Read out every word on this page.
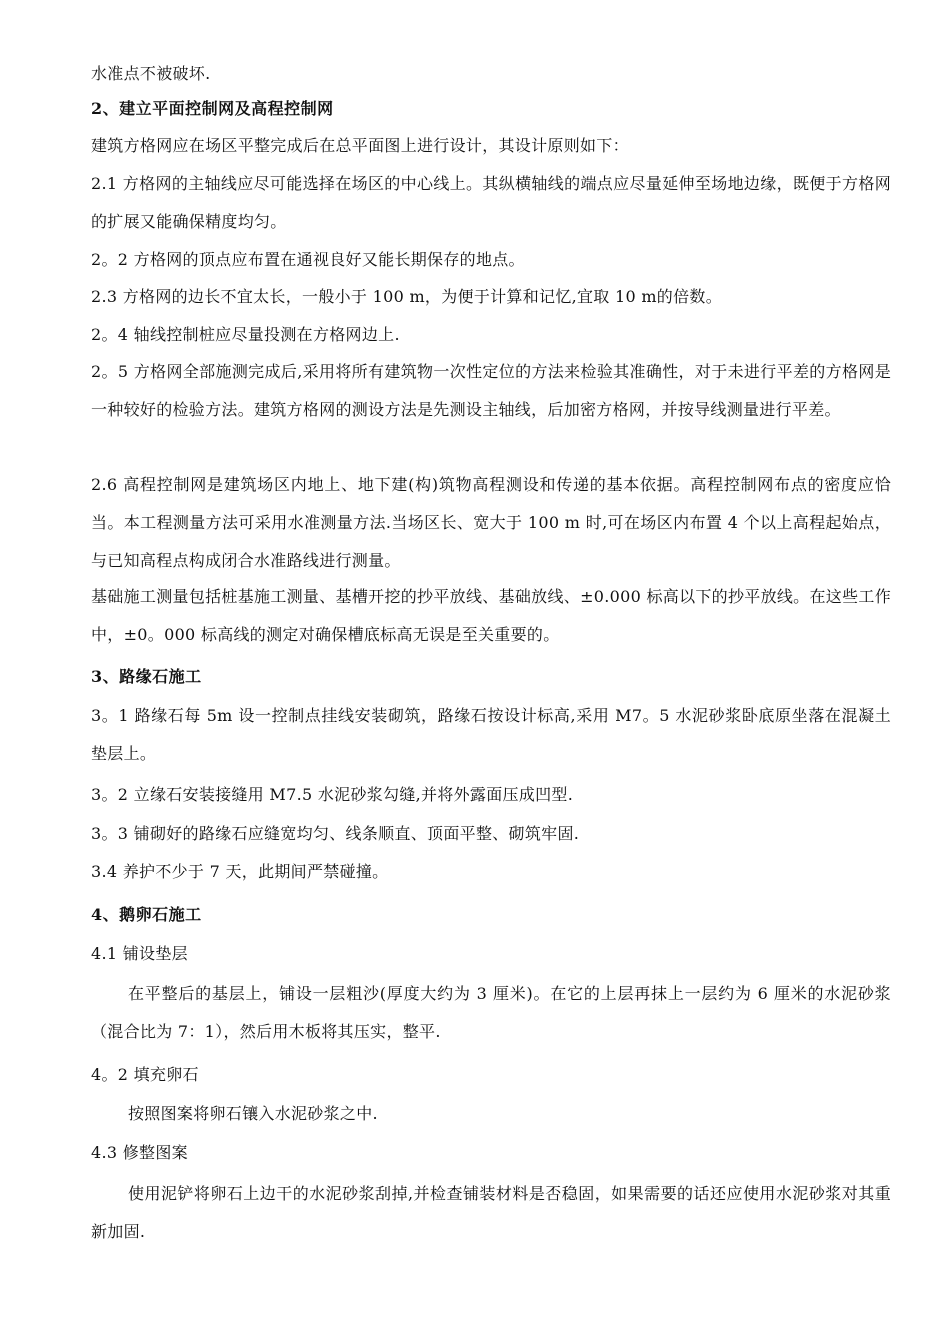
水准点不被破坏.
2、建立平面控制网及高程控制网
建筑方格网应在场区平整完成后在总平面图上进行设计，其设计原则如下：
2.1 方格网的主轴线应尽可能选择在场区的中心线上。其纵横轴线的端点应尽量延伸至场地边缘，既便于方格网的扩展又能确保精度均匀。
2。2 方格网的顶点应布置在通视良好又能长期保存的地点。
2.3 方格网的边长不宜太长，一般小于 100 m，为便于计算和记忆,宜取 10 m的倍数。
2。4 轴线控制桩应尽量投测在方格网边上.
2。5 方格网全部施测完成后,采用将所有建筑物一次性定位的方法来检验其准确性，对于未进行平差的方格网是一种较好的检验方法。建筑方格网的测设方法是先测设主轴线，后加密方格网，并按导线测量进行平差。
2.6 高程控制网是建筑场区内地上、地下建(构)筑物高程测设和传递的基本依据。高程控制网布点的密度应恰当。本工程测量方法可采用水准测量方法.当场区长、宽大于 100 m 时,可在场区内布置 4 个以上高程起始点，与已知高程点构成闭合水准路线进行测量。
基础施工测量包括桩基施工测量、基槽开挖的抄平放线、基础放线、±0.000 标高以下的抄平放线。在这些工作中，±0。000 标高线的测定对确保槽底标高无误是至关重要的。
3、路缘石施工
3。1 路缘石每 5m 设一控制点挂线安装砌筑，路缘石按设计标高,采用 M7。5 水泥砂浆卧底原坐落在混凝土垫层上。
3。2 立缘石安装接缝用 M7.5 水泥砂浆勾缝,并将外露面压成凹型.
3。3 铺砌好的路缘石应缝宽均匀、线条顺直、顶面平整、砌筑牢固.
3.4 养护不少于 7 天，此期间严禁碰撞。
4、鹅卵石施工
4.1 铺设垫层
在平整后的基层上，铺设一层粗沙(厚度大约为 3 厘米)。在它的上层再抹上一层约为 6 厘米的水泥砂浆（混合比为 7：1），然后用木板将其压实，整平.
4。2 填充卵石
按照图案将卵石镶入水泥砂浆之中.
4.3 修整图案
使用泥铲将卵石上边干的水泥砂浆刮掉,并检查铺装材料是否稳固，如果需要的话还应使用水泥砂浆对其重新加固.
